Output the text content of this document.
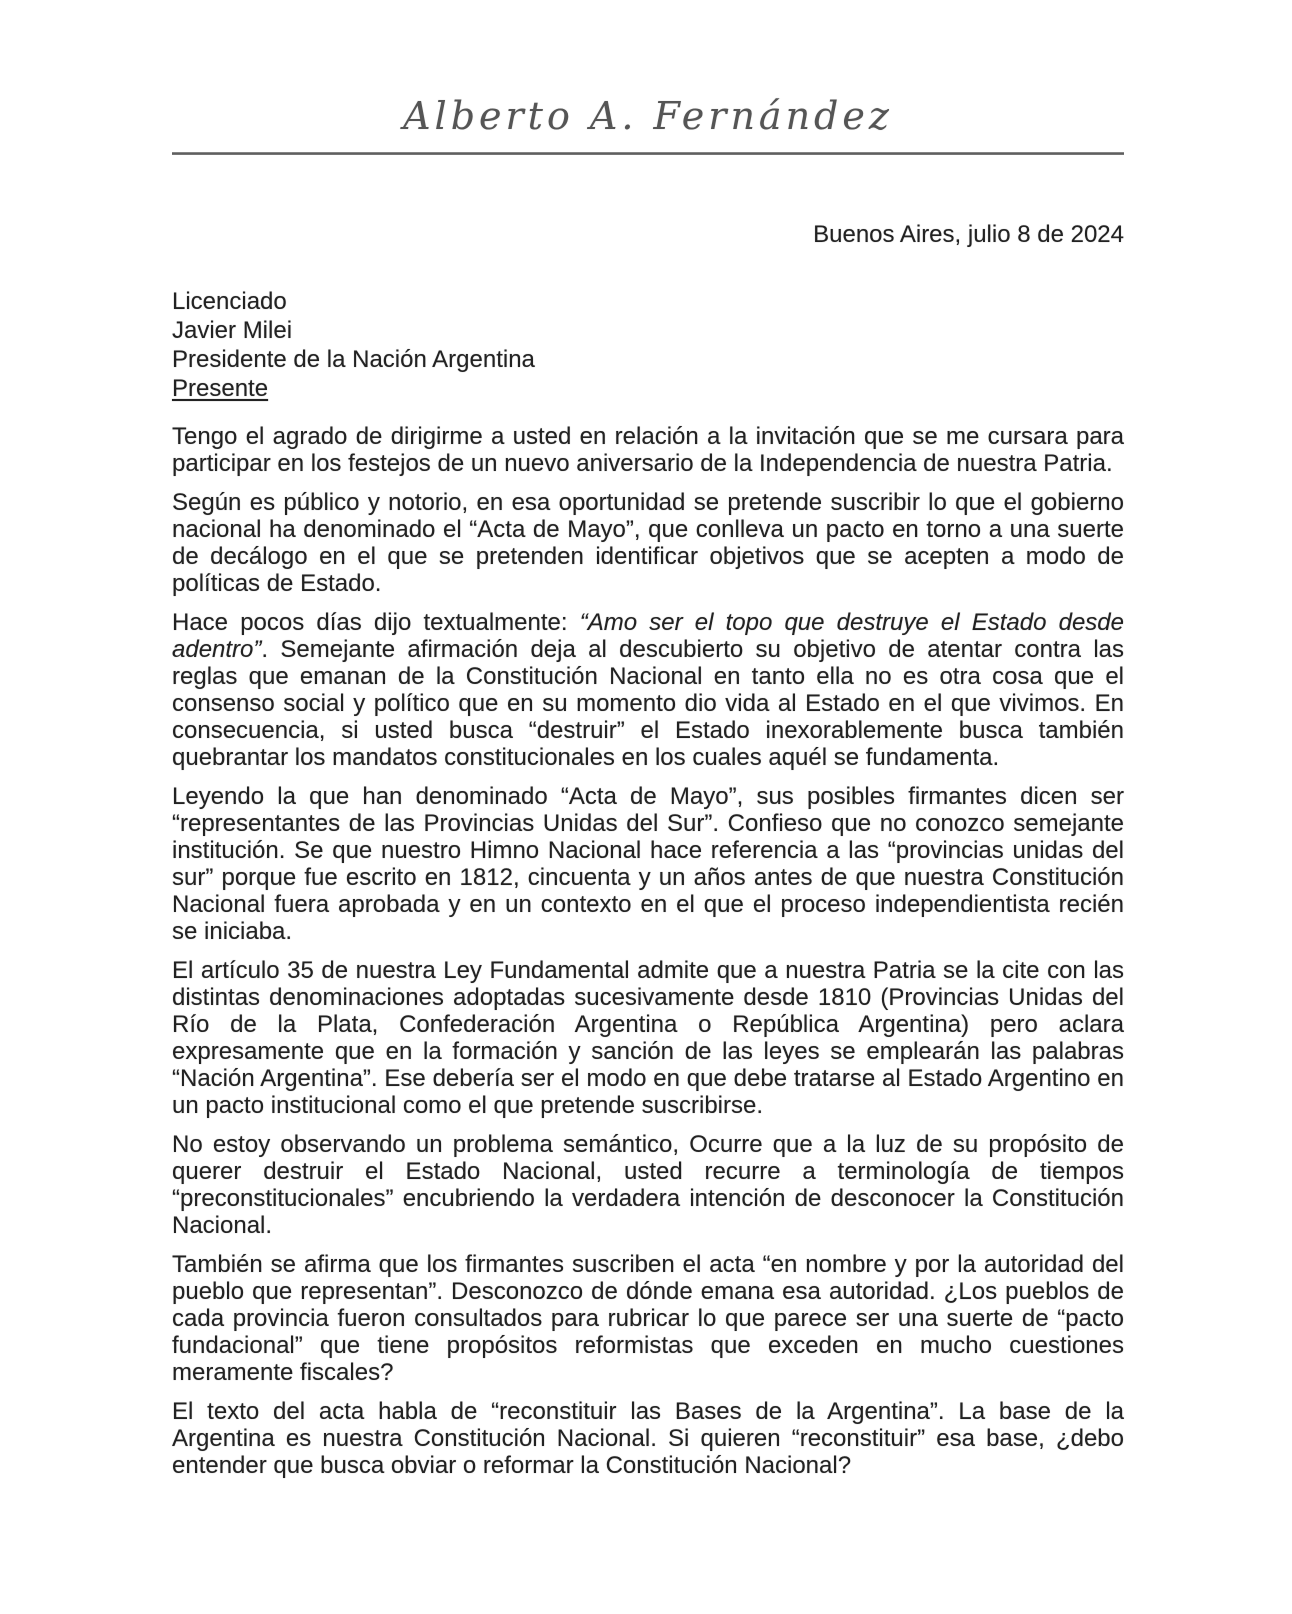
Alberto A. Fernández
Buenos Aires, julio 8 de 2024
Licenciado
Javier Milei
Presidente de la Nación Argentina
Presente

Tengo el agrado de dirigirme a usted en relación a la invitación que se me cursara para participar en los festejos de un nuevo aniversario de la Independencia de nuestra Patria.

Según es público y notorio, en esa oportunidad se pretende suscribir lo que el gobierno nacional ha denominado el “Acta de Mayo”, que conlleva un pacto en torno a una suerte de decálogo en el que se pretenden identificar objetivos que se acepten a modo de políticas de Estado.

Hace pocos días dijo textualmente: “Amo ser el topo que destruye el Estado desde adentro”. Semejante afirmación deja al descubierto su objetivo de atentar contra las reglas que emanan de la Constitución Nacional en tanto ella no es otra cosa que el consenso social y político que en su momento dio vida al Estado en el que vivimos. En consecuencia, si usted busca “destruir” el Estado inexorablemente busca también quebrantar los mandatos constitucionales en los cuales aquél se fundamenta.

Leyendo la que han denominado “Acta de Mayo”, sus posibles firmantes dicen ser “representantes de las Provincias Unidas del Sur”. Confieso que no conozco semejante institución. Se que nuestro Himno Nacional hace referencia a las “provincias unidas del sur” porque fue escrito en 1812, cincuenta y un años antes de que nuestra Constitución Nacional fuera aprobada y en un contexto en el que el proceso independientista recién se iniciaba.

El artículo 35 de nuestra Ley Fundamental admite que a nuestra Patria se la cite con las distintas denominaciones adoptadas sucesivamente desde 1810 (Provincias Unidas del Río de la Plata, Confederación Argentina o República Argentina) pero aclara expresamente que en la formación y sanción de las leyes se emplearán las palabras “Nación Argentina”. Ese debería ser el modo en que debe tratarse al Estado Argentino en un pacto institucional como el que pretende suscribirse.

No estoy observando un problema semántico, Ocurre que a la luz de su propósito de querer destruir el Estado Nacional, usted recurre a terminología de tiempos “preconstitucionales” encubriendo la verdadera intención de desconocer la Constitución Nacional.

También se afirma que los firmantes suscriben el acta “en nombre y por la autoridad del pueblo que representan”. Desconozco de dónde emana esa autoridad. ¿Los pueblos de cada provincia fueron consultados para rubricar lo que parece ser una suerte de “pacto fundacional” que tiene propósitos reformistas que exceden en mucho cuestiones meramente fiscales?

El texto del acta habla de “reconstituir las Bases de la Argentina”. La base de la Argentina es nuestra Constitución Nacional. Si quieren “reconstituir” esa base, ¿debo entender que busca obviar o reformar la Constitución Nacional?
